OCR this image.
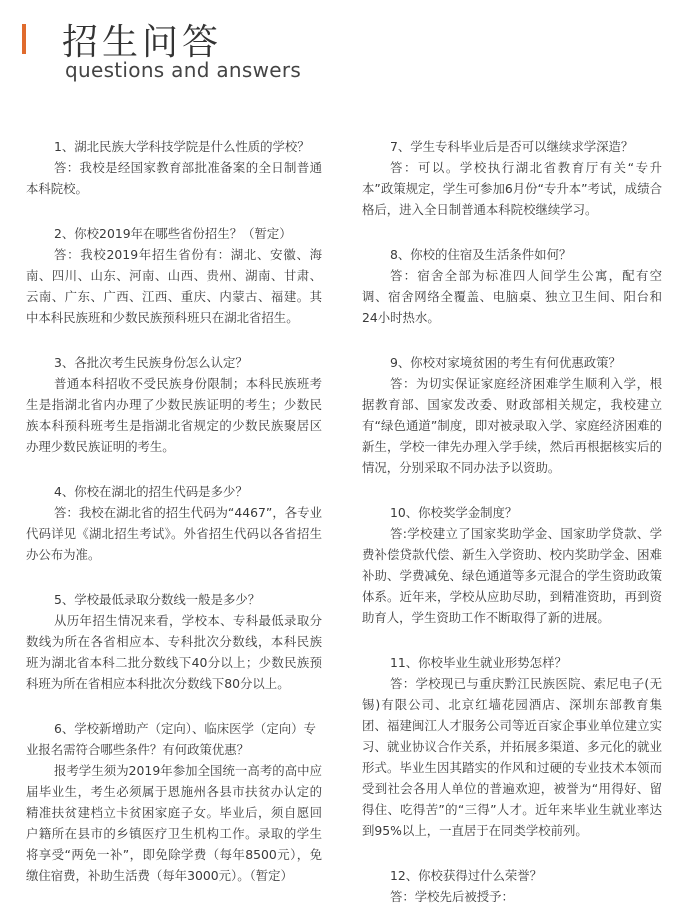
招生问答
questions and answers

1、湖北民族大学科技学院是什么性质的学校？

答：我校是经国家教育部批准备案的全日制普通本科院校。

2、你校2019年在哪些省份招生？（暂定）

答：我校2019年招生省份有：湖北、安徽、海南、四川、山东、河南、山西、贵州、湖南、甘肃、云南、广东、广西、江西、重庆、内蒙古、福建。其中本科民族班和少数民族预科班只在湖北省招生。

3、各批次考生民族身份怎么认定？

普通本科招收不受民族身份限制；本科民族班考生是指湖北省内办理了少数民族证明的考生；少数民族本科预科班考生是指湖北省规定的少数民族聚居区办理少数民族证明的考生。

4、你校在湖北的招生代码是多少？

答：我校在湖北省的招生代码为“4467”，各专业代码详见《湖北招生考试》。外省招生代码以各省招生办公布为准。

5、学校最低录取分数线一般是多少？

从历年招生情况来看，学校本、专科最低录取分数线为所在各省相应本、专科批次分数线，本科民族班为湖北省本科二批分数线下40分以上；少数民族预科班为所在省相应本科批次分数线下80分以上。

6、学校新增助产（定向）、临床医学（定向）专业报名需符合哪些条件？有何政策优惠？

报考学生须为2019年参加全国统一高考的高中应届毕业生，考生必须属于恩施州各县市扶贫办认定的精准扶贫建档立卡贫困家庭子女。毕业后，须自愿回户籍所在县市的乡镇医疗卫生机构工作。录取的学生将享受“两免一补”，即免除学费（每年8500元），免缴住宿费，补助生活费（每年3000元）。（暂定）

7、学生专科毕业后是否可以继续求学深造？

答：可以。学校执行湖北省教育厅有关“专升本”政策规定，学生可参加6月份“专升本”考试，成绩合格后，进入全日制普通本科院校继续学习。

8、你校的住宿及生活条件如何？

答：宿舍全部为标准四人间学生公寓，配有空调、宿舍网络全覆盖、电脑桌、独立卫生间、阳台和24小时热水。

9、你校对家境贫困的考生有何优惠政策？

答：为切实保证家庭经济困难学生顺利入学，根据教育部、国家发改委、财政部相关规定，我校建立有“绿色通道”制度，即对被录取入学、家庭经济困难的新生，学校一律先办理入学手续，然后再根据核实后的情况，分别采取不同办法予以资助。

10、你校奖学金制度？

答:学校建立了国家奖助学金、国家助学贷款、学费补偿贷款代偿、新生入学资助、校内奖助学金、困难补助、学费减免、绿色通道等多元混合的学生资助政策体系。近年来，学校从应助尽助，到精准资助，再到资助育人，学生资助工作不断取得了新的进展。

11、你校毕业生就业形势怎样？

答：学校现已与重庆黔江民族医院、索尼电子(无锡)有限公司、北京红墙花园酒店、深圳东部教育集团、福建闽江人才服务公司等近百家企事业单位建立实习、就业协议合作关系，并拓展多渠道、多元化的就业形式。毕业生因其踏实的作风和过硬的专业技术本领而受到社会各用人单位的普遍欢迎，被誉为“用得好、留得住、吃得苦”的“三得”人才。近年来毕业生就业率达到95%以上，一直居于在同类学校前列。

12、你校获得过什么荣誉？

答：学校先后被授予：
